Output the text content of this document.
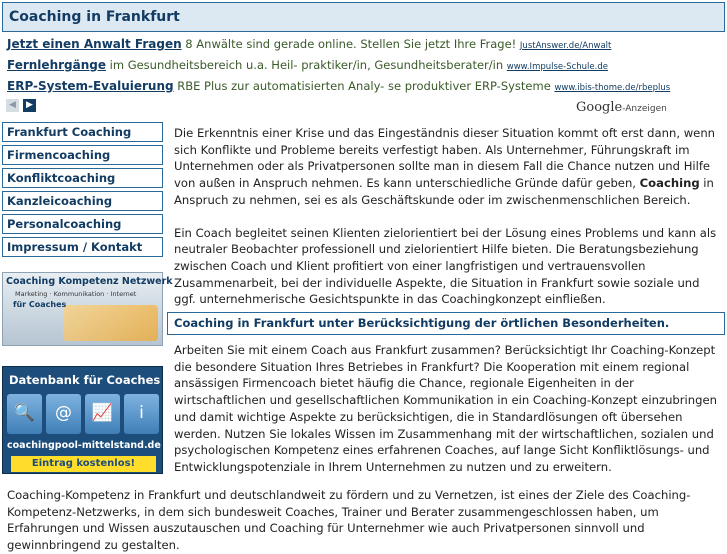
Coaching in Frankfurt
Jetzt einen Anwalt Fragen 8 Anwälte sind gerade online. Stellen Sie jetzt Ihre Frage! JustAnswer.de/Anwalt
Fernlehrgänge im Gesundheitsbereich u.a. Heil- praktiker/in, Gesundheitsberater/in www.Impulse-Schule.de
ERP-System-Evaluierung RBE Plus zur automatisierten Analy- se produktiver ERP-Systeme www.ibis-thome.de/rbeplus
◀	▶	Google-Anzeigen
Frankfurt Coaching
Firmencoaching
Konfliktcoaching
Kanzleicoaching
Personalcoaching
Impressum / Kontakt
Coaching Kompetenz Netzwerk
Marketing · Kommunikation · Internet
für Coaches
Datenbank für Coaches
🔍	@	📈	i
coachingpool-mittelstand.de
Eintrag kostenlos!

Die Erkenntnis einer Krise und das Eingeständnis dieser Situation kommt oft erst dann, wenn sich Konflikte und Probleme bereits verfestigt haben. Als Unternehmer, Führungskraft im Unternehmen oder als Privatpersonen sollte man in diesem Fall die Chance nutzen und Hilfe von außen in Anspruch nehmen. Es kann unterschiedliche Gründe dafür geben, Coaching in Anspruch zu nehmen, sei es als Geschäftskunde oder im zwischenmenschlichen Bereich.

Ein Coach begleitet seinen Klienten zielorientiert bei der Lösung eines Problems und kann als neutraler Beobachter professionell und zielorientiert Hilfe bieten. Die Beratungsbeziehung zwischen Coach und Klient profitiert von einer langfristigen und vertrauensvollen Zusammenarbeit, bei der individuelle Aspekte, die Situation in Frankfurt sowie soziale und ggf. unternehmerische Gesichtspunkte in das Coachingkonzept einfließen.

Coaching in Frankfurt unter Berücksichtigung der örtlichen Besonderheiten.
Arbeiten Sie mit einem Coach aus Frankfurt zusammen? Berücksichtigt Ihr Coaching-Konzept die besondere Situation Ihres Betriebes in Frankfurt? Die Kooperation mit einem regional ansässigen Firmencoach bietet häufig die Chance, regionale Eigenheiten in der wirtschaftlichen und gesellschaftlichen Kommunikation in ein Coaching-Konzept einzubringen und damit wichtige Aspekte zu berücksichtigen, die in Standardlösungen oft übersehen werden. Nutzen Sie lokales Wissen im Zusammenhang mit der wirtschaftlichen, sozialen und psychologischen Kompetenz eines erfahrenen Coaches, auf lange Sicht Konfliktlösungs- und Entwicklungspotenziale in Ihrem Unternehmen zu nutzen und zu erweitern.
Coaching-Kompetenz in Frankfurt und deutschlandweit zu fördern und zu Vernetzen, ist eines der Ziele des Coaching-Kompetenz-Netzwerks, in dem sich bundesweit Coaches, Trainer und Berater zusammengeschlossen haben, um Erfahrungen und Wissen auszutauschen und Coaching für Unternehmer wie auch Privatpersonen sinnvoll und gewinnbringend zu gestalten.
